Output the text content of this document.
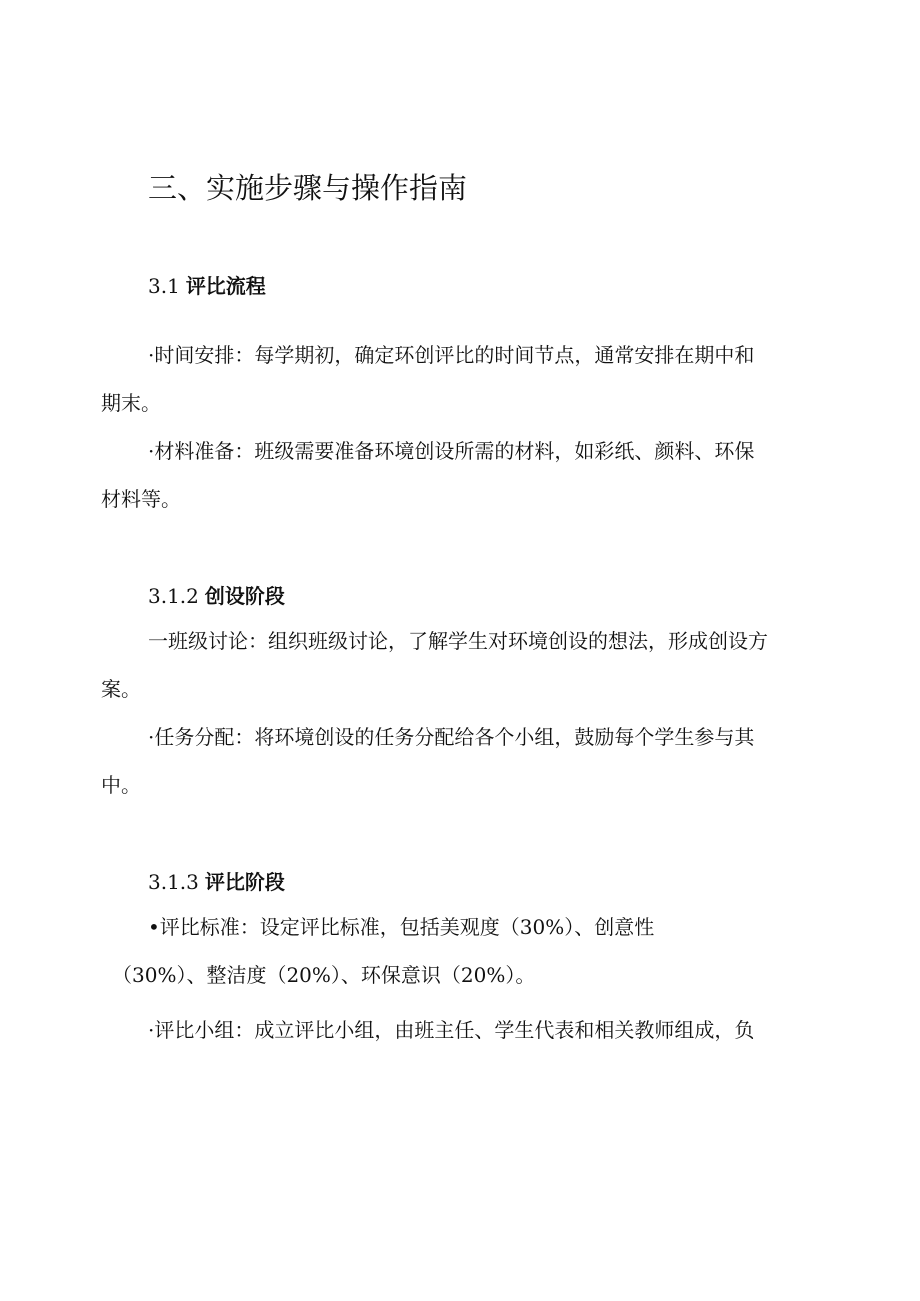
三、实施步骤与操作指南
3.1 评比流程

·时间安排：每学期初，确定环创评比的时间节点，通常安排在期中和

期末。

·材料准备：班级需要准备环境创设所需的材料，如彩纸、颜料、环保

材料等。

3.1.2 创设阶段

一班级讨论：组织班级讨论，了解学生对环境创设的想法，形成创设方

案。

·任务分配：将环境创设的任务分配给各个小组，鼓励每个学生参与其

中。

3.1.3 评比阶段

•评比标准：设定评比标准，包括美观度（30%）、创意性

（30%）、整洁度（20%）、环保意识（20%）。

·评比小组：成立评比小组，由班主任、学生代表和相关教师组成，负
